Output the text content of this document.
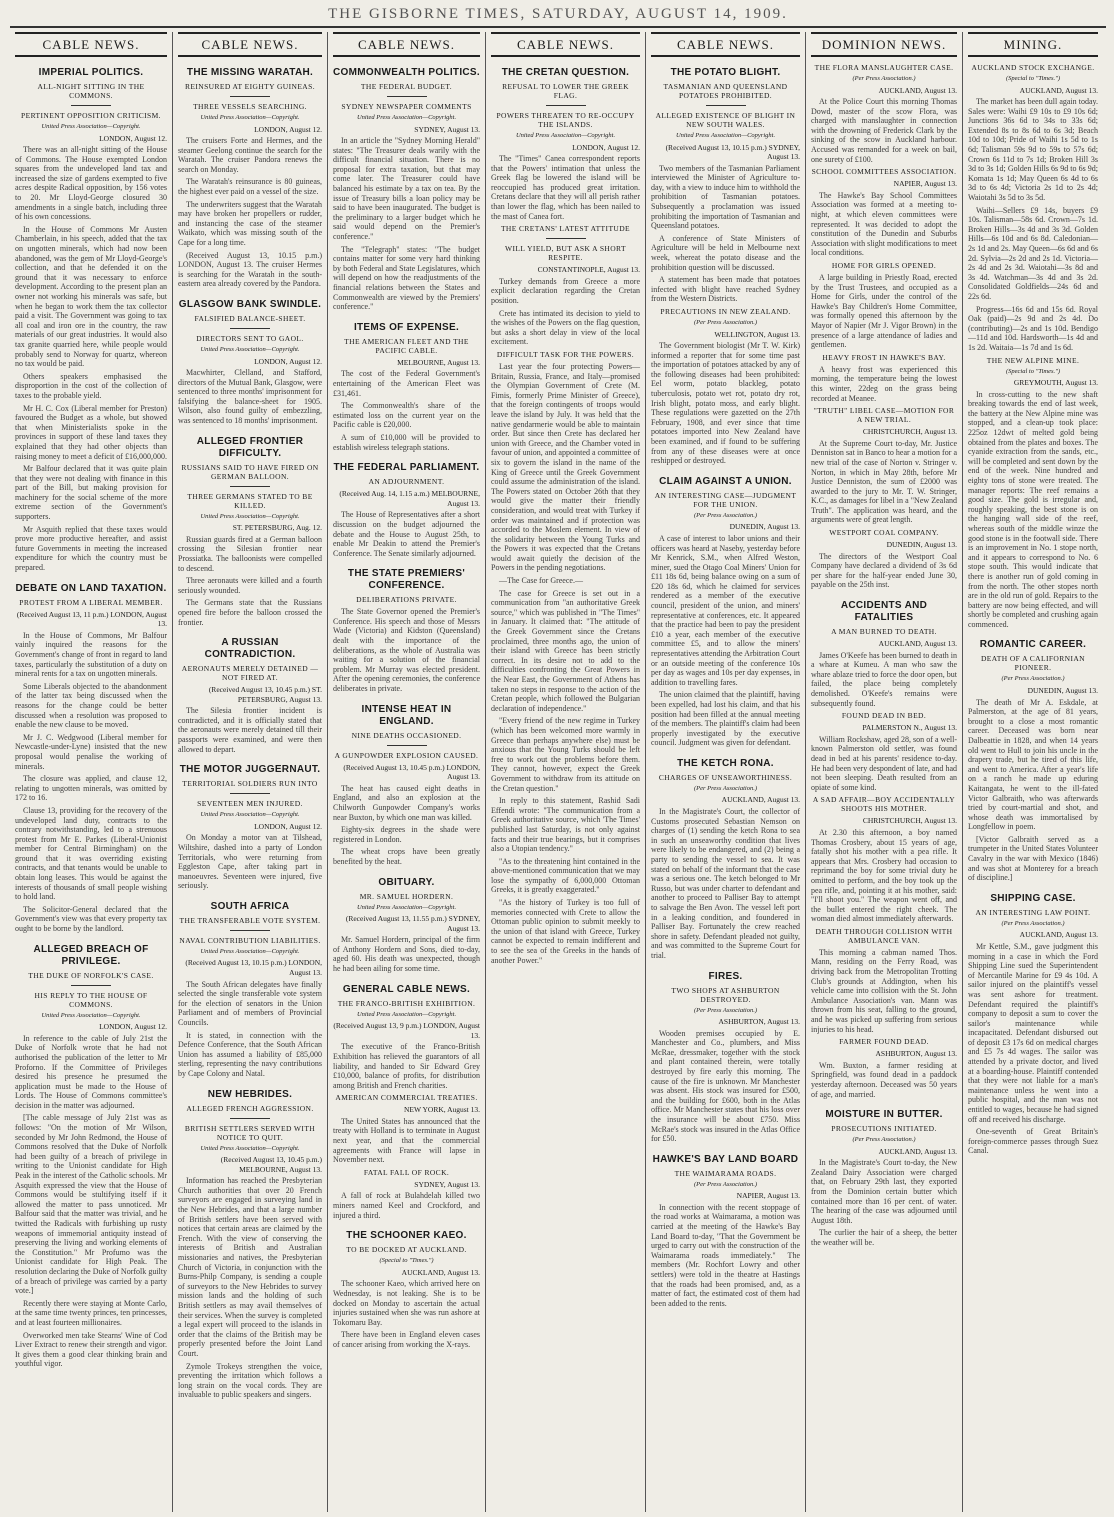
THE GISBORNE TIMES, SATURDAY, AUGUST 14, 1909.
CABLE NEWS.
IMPERIAL POLITICS.
ALL-NIGHT SITTING IN THE COMMONS.
PERTINENT OPPOSITION CRITICISM.
United Press Association—Copyright.
LONDON, August 12.

There was an all-night sitting of the House of Commons. The House exempted London squares from the undeveloped land tax and increased the size of gardens exempted to five acres despite Radical opposition, by 156 votes to 20. Mr Lloyd-George closured 30 amendments in a single batch, including three of his own concessions.

In the House of Commons Mr Austen Chamberlain, in his speech, added that the tax on ungotten minerals, which had now been abandoned, was the gem of Mr Lloyd-George's collection, and that he defended it on the ground that it was necessary to enforce development. According to the present plan an owner not working his minerals was safe, but when he began to work them the tax collector paid a visit. The Government was going to tax all coal and iron ore in the country, the raw materials of our great industries. It would also tax granite quarried here, while people would probably send to Norway for quartz, whereon no tax would be paid.

Others speakers emphasised the disproportion in the cost of the collection of taxes to the probable yield.

Mr H. C. Cox (Liberal member for Preston) favoured the Budget as a whole, but showed that when Ministerialists spoke in the provinces in support of these land taxes they explained that they had other objects than raising money to meet a deficit of £16,000,000.

Mr Balfour declared that it was quite plain that they were not dealing with finance in this part of the Bill, but making provision for machinery for the social scheme of the more extreme section of the Government's supporters.

Mr Asquith replied that these taxes would prove more productive hereafter, and assist future Governments in meeting the increased expenditure for which the country must be prepared.

DEBATE ON LAND TAXATION.
PROTEST FROM A LIBERAL MEMBER.
(Received August 13, 11 p.m.) LONDON, August 13.

In the House of Commons, Mr Balfour vainly inquired the reasons for the Government's change of front in regard to land taxes, particularly the substitution of a duty on mineral rents for a tax on ungotten minerals.

Some Liberals objected to the abandonment of the latter tax being discussed when the reasons for the change could be better discussed when a resolution was proposed to enable the new clause to be moved.

Mr J. C. Wedgwood (Liberal member for Newcastle-under-Lyne) insisted that the new proposal would penalise the working of minerals.

The closure was applied, and clause 12, relating to ungotten minerals, was omitted by 172 to 16.

Clause 13, providing for the recovery of the undeveloped land duty, contracts to the contrary notwithstanding, led to a strenuous protest from Mr E. Parkes (Liberal-Unionist member for Central Birmingham) on the ground that it was overriding existing contracts, and that tenants would be unable to obtain long leases. This would be against the interests of thousands of small people wishing to hold land.

The Solicitor-General declared that the Government's view was that every property tax ought to be borne by the landlord.

ALLEGED BREACH OF PRIVILEGE.
THE DUKE OF NORFOLK'S CASE.
HIS REPLY TO THE HOUSE OF COMMONS.
United Press Association—Copyright.
LONDON, August 12.

In reference to the cable of July 21st the Duke of Norfolk wrote that he had not authorised the publication of the letter to Mr Proforno. If the Committee of Privileges desired his presence he presumed the application must be made to the House of Lords. The House of Commons committee's decision in the matter was adjourned.

[The cable message of July 21st was as follows: "On the motion of Mr Wilson, seconded by Mr John Redmond, the House of Commons resolved that the Duke of Norfolk had been guilty of a breach of privilege in writing to the Unionist candidate for High Peak in the interest of the Catholic schools. Mr Asquith expressed the view that the House of Commons would be stultifying itself if it allowed the matter to pass unnoticed. Mr Balfour said that the matter was trivial, and he twitted the Radicals with furbishing up rusty weapons of immemorial antiquity instead of preserving the living and working elements of the Constitution." Mr Profumo was the Unionist candidate for High Peak. The resolution declaring the Duke of Norfolk guilty of a breach of privilege was carried by a party vote.]

Recently there were staying at Monte Carlo, at the same time twenty princes, ten princesses, and at least fourteen millionaires.

Overworked men take Stearns' Wine of Cod Liver Extract to renew their strength and vigor. It gives them a good clear thinking brain and youthful vigor.

CABLE NEWS.
THE MISSING WARATAH.
REINSURED AT EIGHTY GUINEAS.
THREE VESSELS SEARCHING.
United Press Association—Copyright.
LONDON, August 12.

The cruisers Forte and Hermes, and the steamer Geelong continue the search for the Waratah. The cruiser Pandora renews the search on Monday.

The Waratah's reinsurance is 80 guineas, the highest ever paid on a vessel of the size.

The underwriters suggest that the Waratah may have broken her propellers or rudder, and instancing the case of the steamer Waikato, which was missing south of the Cape for a long time.

(Received August 13, 10.15 p.m.) LONDON, August 13. The cruiser Hermes is searching for the Waratah in the south-eastern area already covered by the Pandora.

GLASGOW BANK SWINDLE.
FALSIFIED BALANCE-SHEET.
DIRECTORS SENT TO GAOL.
United Press Association—Copyright.
LONDON, August 12.

Macwhirter, Clelland, and Stafford, directors of the Mutual Bank, Glasgow, were sentenced to three months' imprisonment for falsifying the balance-sheet for 1905. Wilson, also found guilty of embezzling, was sentenced to 18 months' imprisonment.

ALLEGED FRONTIER DIFFICULTY.
RUSSIANS SAID TO HAVE FIRED ON GERMAN BALLOON.
THREE GERMANS STATED TO BE KILLED.
United Press Association—Copyright.
ST. PETERSBURG, Aug. 12.

Russian guards fired at a German balloon crossing the Silesian frontier near Prossiatka. The balloonists were compelled to descend.

Three aeronauts were killed and a fourth seriously wounded.

The Germans state that the Russians opened fire before the balloon crossed the frontier.

A RUSSIAN CONTRADICTION.
AERONAUTS MERELY DETAINED —NOT FIRED AT.
(Received August 13, 10.45 p.m.) ST. PETERSBURG, August 13.

The Silesia frontier incident is contradicted, and it is officially stated that the aeronauts were merely detained till their passports were examined, and were then allowed to depart.

THE MOTOR JUGGERNAUT.
TERRITORIAL SOLDIERS RUN INTO
SEVENTEEN MEN INJURED.
United Press Association—Copyright.
LONDON, August 12.

On Monday a motor van at Tilshead, Wiltshire, dashed into a party of London Territorials, who were returning from Eggleston Cape, after taking part in manoeuvres. Seventeen were injured, five seriously.

SOUTH AFRICA
THE TRANSFERABLE VOTE SYSTEM.
NAVAL CONTRIBUTION LIABILITIES.
United Press Association—Copyright.
(Received August 13, 10.15 p.m.) LONDON, August 13.

The South African delegates have finally selected the single transferable vote system for the election of senators in the Union Parliament and of members of Provincial Councils.

It is stated, in connection with the Defence Conference, that the South African Union has assumed a liability of £85,000 sterling, representing the navy contributions by Cape Colony and Natal.

NEW HEBRIDES.
ALLEGED FRENCH AGGRESSION.
BRITISH SETTLERS SERVED WITH NOTICE TO QUIT.
United Press Association—Copyright.
(Received August 13, 10.45 p.m.) MELBOURNE, August 13.

Information has reached the Presbyterian Church authorities that over 20 French surveyors are engaged in surveying land in the New Hebrides, and that a large number of British settlers have been served with notices that certain areas are claimed by the French. With the view of conserving the interests of British and Australian missionaries and natives, the Presbyterian Church of Victoria, in conjunction with the Burns-Philp Company, is sending a couple of surveyors to the New Hebrides to survey mission lands and the holding of such British settlers as may avail themselves of their services. When the survey is completed a legal expert will proceed to the islands in order that the claims of the British may be properly presented before the Joint Land Court.

Zymole Trokeys strengthen the voice, preventing the irritation which follows a long strain on the vocal cords. They are invaluable to public speakers and singers.

CABLE NEWS.
COMMONWEALTH POLITICS.
THE FEDERAL BUDGET.
SYDNEY NEWSPAPER COMMENTS
United Press Association—Copyright.
SYDNEY, August 13.

In an article the "Sydney Morning Herald" states: "The Treasurer deals warily with the difficult financial situation. There is no proposal for extra taxation, but that may come later. The Treasurer could have balanced his estimate by a tax on tea. By the issue of Treasury bills a loan policy may be said to have been inaugurated. The budget is the preliminary to a larger budget which he said would depend on the Premier's conference."

The "Telegraph" states: "The budget contains matter for some very hard thinking by both Federal and State Legislatures, which will depend on how the readjustments of the financial relations between the States and Commonwealth are viewed by the Premiers' conference."

ITEMS OF EXPENSE.
THE AMERICAN FLEET AND THE PACIFIC CABLE.
MELBOURNE, August 13.

The cost of the Federal Government's entertaining of the American Fleet was £31,461.

The Commonwealth's share of the estimated loss on the current year on the Pacific cable is £20,000.

A sum of £10,000 will be provided to establish wireless telegraph stations.

THE FEDERAL PARLIAMENT.
AN ADJOURNMENT.
(Received Aug. 14, 1.15 a.m.) MELBOURNE, August 13.

The House of Representatives after a short discussion on the budget adjourned the debate and the House to August 25th, to enable Mr Deakin to attend the Premier's Conference. The Senate similarly adjourned.

THE STATE PREMIERS' CONFERENCE.
DELIBERATIONS PRIVATE.

The State Governor opened the Premier's Conference. His speech and those of Messrs Wade (Victoria) and Kidston (Queensland) dealt with the importance of the deliberations, as the whole of Australia was waiting for a solution of the financial problem. Mr Murray was elected president. After the opening ceremonies, the conference deliberates in private.

INTENSE HEAT IN ENGLAND.
NINE DEATHS OCCASIONED.
A GUNPOWDER EXPLOSION CAUSED.
(Received August 13, 10.45 p.m.) LONDON, August 13.

The heat has caused eight deaths in England, and also an explosion at the Chilworth Gunpowder Company's works near Buxton, by which one man was killed.

Eighty-six degrees in the shade were registered in London.

The wheat crops have been greatly benefited by the heat.

OBITUARY.
MR. SAMUEL HORDERN.
United Press Association—Copyright.
(Received August 13, 11.55 p.m.) SYDNEY, August 13.

Mr. Samuel Hordern, principal of the firm of Anthony Hordern and Sons, died to-day, aged 60. His death was unexpected, though he had been ailing for some time.

GENERAL CABLE NEWS.
THE FRANCO-BRITISH EXHIBITION.
United Press Association—Copyright.
(Received August 13, 9 p.m.) LONDON, August 13.

The executive of the Franco-British Exhibition has relieved the guarantors of all liability, and handed to Sir Edward Grey £10,000, balance of profits, for distribution among British and French charities.

AMERICAN COMMERCIAL TREATIES.
NEW YORK, August 13.

The United States has announced that the treaty with Holland is to terminate in August next year, and that the commercial agreements with France will lapse in November next.

FATAL FALL OF ROCK.
SYDNEY, August 13.

A fall of rock at Bulahdelah killed two miners named Keel and Crockford, and injured a third.

THE SCHOONER KAEO.
TO BE DOCKED AT AUCKLAND.
(Special to "Times.")
AUCKLAND, August 13.

The schooner Kaeo, which arrived here on Wednesday, is not leaking. She is to be docked on Monday to ascertain the actual injuries sustained when she was run ashore at Tokomaru Bay.

There have been in England eleven cases of cancer arising from working the X-rays.

CABLE NEWS.
THE CRETAN QUESTION.
REFUSAL TO LOWER THE GREEK FLAG.
POWERS THREATEN TO RE-OCCUPY THE ISLANDS.
United Press Association—Copyright.
LONDON, August 12.

The "Times" Canea correspondent reports that the Powers' intimation that unless the Greek flag be lowered the island will be reoccupied has produced great irritation. Cretans declare that they will all perish rather than lower the flag, which has been nailed to the mast of Canea fort.

THE CRETANS' LATEST ATTITUDE
WILL YIELD, BUT ASK A SHORT RESPITE.
CONSTANTINOPLE, August 13.

Turkey demands from Greece a more explicit declaration regarding the Cretan position.

Crete has intimated its decision to yield to the wishes of the Powers on the flag question, but asks a short delay in view of the local excitement.

DIFFICULT TASK FOR THE POWERS.

Last year the four protecting Powers—Britain, Russia, France, and Italy—promised the Olympian Government of Crete (M. Fimis, formerly Prime Minister of Greece), that the foreign contingents of troops would leave the island by July. It was held that the native gendarmerie would be able to maintain order. But since then Crete has declared her union with Greece, and the Chamber voted in favour of union, and appointed a committee of six to govern the island in the name of the King of Greece until the Greek Government could assume the administration of the island. The Powers stated on October 26th that they would give the matter their friendly consideration, and would treat with Turkey if order was maintained and if protection was accorded to the Moslem element. In view of the solidarity between the Young Turks and the Powers it was expected that the Cretans would await quietly the decision of the Powers in the pending negotiations.

—The Case for Greece.—

The case for Greece is set out in a communication from "an authoritative Greek source," which was published in "The Times" in January. It claimed that: "The attitude of the Greek Government since the Cretans proclaimed, three months ago, the union of their island with Greece has been strictly correct. In its desire not to add to the difficulties confronting the Great Powers in the Near East, the Government of Athens has taken no steps in response to the action of the Cretan people, which followed the Bulgarian declaration of independence."

"Every friend of the new regime in Turkey (which has been welcomed more warmly in Greece than perhaps anywhere else) must be anxious that the Young Turks should be left free to work out the problems before them. They cannot, however, expect the Greek Government to withdraw from its attitude on the Cretan question."

In reply to this statement, Rashid Sadi Effendi wrote: "The communication from a Greek authoritative source, which 'The Times' published last Saturday, is not only against facts and their true bearings, but it comprises also a Utopian tendency."

"As to the threatening hint contained in the above-mentioned communication that we may lose the sympathy of 6,000,000 Ottoman Greeks, it is greatly exaggerated."

"As the history of Turkey is too full of memories connected with Crete to allow the Ottoman public opinion to submit meekly to the union of that island with Greece, Turkey cannot be expected to remain indifferent and to see the sea of the Greeks in the hands of another Power."

CABLE NEWS.
THE POTATO BLIGHT.
TASMANIAN AND QUEENSLAND POTATOES PROHIBITED.
ALLEGED EXISTENCE OF BLIGHT IN NEW SOUTH WALES.
United Press Association—Copyright.
(Received August 13, 10.15 p.m.) SYDNEY, August 13.

Two members of the Tasmanian Parliament interviewed the Minister of Agriculture to-day, with a view to induce him to withhold the prohibition of Tasmanian potatoes. Subsequently a proclamation was issued prohibiting the importation of Tasmanian and Queensland potatoes.

A conference of State Ministers of Agriculture will be held in Melbourne next week, whereat the potato disease and the prohibition question will be discussed.

A statement has been made that potatoes infected with blight have reached Sydney from the Western Districts.

PRECAUTIONS IN NEW ZEALAND.
(Per Press Association.)
WELLINGTON, August 13.

The Government biologist (Mr T. W. Kirk) informed a reporter that for some time past the importation of potatoes attacked by any of the following diseases had been prohibited: Eel worm, potato blackleg, potato tuberculosis, potato wet rot, potato dry rot, Irish blight, potato moss, and early blight. These regulations were gazetted on the 27th February, 1908, and ever since that time potatoes imported into New Zealand have been examined, and if found to be suffering from any of these diseases were at once reshipped or destroyed.

CLAIM AGAINST A UNION.
AN INTERESTING CASE—JUDGMENT FOR THE UNION.
(Per Press Association.)
DUNEDIN, August 13.

A case of interest to labor unions and their officers was heard at Naseby, yesterday before Mr Kenrick, S.M., when Alfred Weston, miner, sued the Otago Coal Miners' Union for £11 18s 6d, being balance owing on a sum of £20 18s 6d, which he claimed for services rendered as a member of the executive council, president of the union, and miners' representative at conferences, etc. It appeared that the practice had been to pay the president £10 a year, each member of the executive committee £5, and to allow the miners' representatives attending the Arbitration Court or an outside meeting of the conference 10s per day as wages and 10s per day expenses, in addition to travelling fares.

The union claimed that the plaintiff, having been expelled, had lost his claim, and that his position had been filled at the annual meeting of the members. The plaintiff's claim had been properly investigated by the executive council. Judgment was given for defendant.

THE KETCH RONA.
CHARGES OF UNSEAWORTHINESS.
(Per Press Association.)
AUCKLAND, August 13.

In the Magistrate's Court, the collector of Customs prosecuted Sebastian Nemson on charges of (1) sending the ketch Rona to sea in such an unseaworthy condition that lives were likely to be endangered, and (2) being a party to sending the vessel to sea. It was stated on behalf of the informant that the case was a serious one. The ketch belonged to Mr Russo, but was under charter to defendant and another to proceed to Palliser Bay to attempt to salvage the Ben Avon. The vessel left port in a leaking condition, and foundered in Palliser Bay. Fortunately the crew reached shore in safety. Defendant pleaded not guilty, and was committed to the Supreme Court for trial.

FIRES.
TWO SHOPS AT ASHBURTON DESTROYED.
(Per Press Association.)
ASHBURTON, August 13.

Wooden premises occupied by E. Manchester and Co., plumbers, and Miss McRae, dressmaker, together with the stock and plant contained therein, were totally destroyed by fire early this morning. The cause of the fire is unknown. Mr Manchester was absent. His stock was insured for £500, and the building for £600, both in the Atlas office. Mr Manchester states that his loss over the insurance will be about £750. Miss McRae's stock was insured in the Atlas Office for £50.

HAWKE'S BAY LAND BOARD
THE WAIMARAMA ROADS.
(Per Press Association.)
NAPIER, August 13.

In connection with the recent stoppage of the road works at Waimarama, a motion was carried at the meeting of the Hawke's Bay Land Board to-day, "That the Government be urged to carry out with the construction of the Waimarama roads immediately." The members (Mr. Rochfort Lowry and other settlers) were told in the theatre at Hastings that the roads had been promised, and, as a matter of fact, the estimated cost of them had been added to the rents.

DOMINION NEWS.
THE FLORA MANSLAUGHTER CASE.
(Per Press Association.)
AUCKLAND, August 13.

At the Police Court this morning Thomas Dowd, master of the scow Flora, was charged with manslaughter in connection with the drowning of Frederick Clark by the sinking of the scow in Auckland harbour. Accused was remanded for a week on bail, one surety of £100.

SCHOOL COMMITTEES ASSOCIATION.
NAPIER, August 13.

The Hawke's Bay School Committees Association was formed at a meeting to-night, at which eleven committees were represented. It was decided to adopt the constitution of the Dunedin and Suburbs Association with slight modifications to meet local conditions.

HOME FOR GIRLS OPENED.

A large building in Priestly Road, erected by the Trust Trustees, and occupied as a Home for Girls, under the control of the Hawke's Bay Children's Home Committee, was formally opened this afternoon by the Mayor of Napier (Mr J. Vigor Brown) in the presence of a large attendance of ladies and gentlemen.

HEAVY FROST IN HAWKE'S BAY.

A heavy frost was experienced this morning, the temperature being the lowest this winter, 22deg on the grass being recorded at Meanee.

"TRUTH" LIBEL CASE—MOTION FOR A NEW TRIAL.
CHRISTCHURCH, August 13.

At the Supreme Court to-day, Mr. Justice Denniston sat in Banco to hear a motion for a new trial of the case of Norton v. Stringer v. Norton, in which in May 28th, before Mr Justice Denniston, the sum of £2000 was awarded to the jury to Mr. T. W. Stringer, K.C., as damages for libel in a "New Zealand Truth". The application was heard, and the arguments were of great length.

WESTPORT COAL COMPANY.
DUNEDIN, August 13.

The directors of the Westport Coal Company have declared a dividend of 3s 6d per share for the half-year ended June 30, payable on the 25th inst.

ACCIDENTS AND FATALITIES
A MAN BURNED TO DEATH.
AUCKLAND, August 13.

James O'Keefe has been burned to death in a whare at Kumeu. A man who saw the whare ablaze tried to force the door open, but failed, the place being completely demolished. O'Keefe's remains were subsequently found.

FOUND DEAD IN BED.
PALMERSTON N., August 13.

William Rockshaw, aged 28, son of a well-known Palmerston old settler, was found dead in bed at his parents' residence to-day. He had been very despondent of late, and had not been sleeping. Death resulted from an opiate of some kind.

A SAD AFFAIR—BOY ACCIDENTALLY SHOOTS HIS MOTHER.
CHRISTCHURCH, August 13.

At 2.30 this afternoon, a boy named Thomas Crosbery, about 15 years of age, fatally shot his mother with a pea rifle. It appears that Mrs. Crosbery had occasion to reprimand the boy for some trivial duty he omitted to perform, and the boy took up the pea rifle, and, pointing it at his mother, said: "I'll shoot you." The weapon went off, and the bullet entered the right cheek. The woman died almost immediately afterwards.

DEATH THROUGH COLLISION WITH AMBULANCE VAN.

This morning a cabman named Thos. Mann, residing on the Ferry Road, was driving back from the Metropolitan Trotting Club's grounds at Addington, when his vehicle came into collision with the St. John Ambulance Association's van. Mann was thrown from his seat, falling to the ground, and he was picked up suffering from serious injuries to his head.

FARMER FOUND DEAD.
ASHBURTON, August 13.

Wm. Buxton, a farmer residing at Springfield, was found dead in a paddock yesterday afternoon. Deceased was 50 years of age, and married.

MOISTURE IN BUTTER.
PROSECUTIONS INITIATED.
(Per Press Association.)
AUCKLAND, August 13.

In the Magistrate's Court to-day, the New Zealand Dairy Association were charged that, on February 29th last, they exported from the Dominion certain butter which contained more than 16 per cent. of water. The hearing of the case was adjourned until August 18th.

The curlier the hair of a sheep, the better the weather will be.

MINING.
AUCKLAND STOCK EXCHANGE.
(Special to "Times.")
AUCKLAND, August 13.

The market has been dull again today. Sales were: Waihi £9 10s to £9 10s 6d; Junctions 36s 6d to 34s to 33s 6d; Extended 8s to 8s 6d to 6s 3d; Beach 10d to 10d; Pride of Waihi 1s 5d to 1s 6d; Talisman 59s 9d to 59s to 57s 6d; Crown 6s 11d to 7s 1d; Broken Hill 3s 3d to 3s 1d; Golden Hills 6s 9d to 6s 9d; Komata 1s 1d; May Queen 6s 4d to 6s 3d to 6s 4d; Victoria 2s 1d to 2s 4d; Waiotahi 3s 5d to 3s 5d.

Waihi—Sellers £9 14s, buyers £9 10s. Talisman—58s 6d. Crown—7s 1d. Broken Hills—3s 4d and 3s 3d. Golden Hills—6s 10d and 6s 8d. Caledonian—2s 1d and 2s. May Queen—6s 6d and 6s 2d. Sylvia—2s 2d and 2s 1d. Victoria—2s 4d and 2s 3d. Waiotahi—3s 8d and 3s 4d. Watchman—3s 4d and 3s 2d. Consolidated Goldfields—24s 6d and 22s 6d.

Progress—16s 6d and 15s 6d. Royal Oak (paid)—2s 9d and 2s 4d. Do (contributing)—2s and 1s 10d. Bendigo—11d and 10d. Hardsworth—1s 4d and 1s 2d. Waitaia—1s 7d and 1s 6d.

THE NEW ALPINE MINE.
(Special to "Times.")
GREYMOUTH, August 13.

In cross-cutting to the new shaft breaking towards the end of last week, the battery at the New Alpine mine was stopped, and a clean-up took place: 225oz 12dwt of melted gold being obtained from the plates and boxes. The cyanide extraction from the sands, etc., will be completed and sent down by the end of the week. Nine hundred and eighty tons of stone were treated. The manager reports: The reef remains a good size. The gold is irregular and, roughly speaking, the best stone is on the hanging wall side of the reef, whereas south of the middle winze the good stone is in the footwall side. There is an improvement in No. 1 stope north, and it appears to correspond to No. 6 stope south. This would indicate that there is another run of gold coming in from the north. The other stopes north are in the old run of gold. Repairs to the battery are now being effected, and will shortly be completed and crushing again commenced.

ROMANTIC CAREER.
DEATH OF A CALIFORNIAN PIONEER.
(Per Press Association.)
DUNEDIN, August 13.

The death of Mr A. Eskdale, at Palmerston, at the age of 81 years, brought to a close a most romantic career. Deceased was born near Dalbeattie in 1828, and when 14 years old went to Hull to join his uncle in the drapery trade, but he tired of this life, and went to America. After a year's life on a ranch he made up eduring Kaitangata, he went to the ill-fated Victor Galbraith, who was afterwards tried by court-martial and shot, and whose death was immortalised by Longfellow in poem.

[Victor Galbraith served as a trumpeter in the United States Volunteer Cavalry in the war with Mexico (1846) and was shot at Monterey for a breach of discipline.]

SHIPPING CASE.
AN INTERESTING LAW POINT.
(Per Press Association.)
AUCKLAND, August 13.

Mr Kettle, S.M., gave judgment this morning in a case in which the Ford Shipping Line sued the Superintendent of Mercantile Marine for £9 4s 10d. A sailor injured on the plaintiff's vessel was sent ashore for treatment. Defendant required the plaintiff's company to deposit a sum to cover the sailor's maintenance while incapacitated. Defendant disbursed out of deposit £3 17s 6d on medical charges and £5 7s 4d wages. The sailor was attended by a private doctor, and lived at a boarding-house. Plaintiff contended that they were not liable for a man's maintenance unless he went into a public hospital, and the man was not entitled to wages, because he had signed off and received his discharge.

One-seventh of Great Britain's foreign-commerce passes through Suez Canal.
